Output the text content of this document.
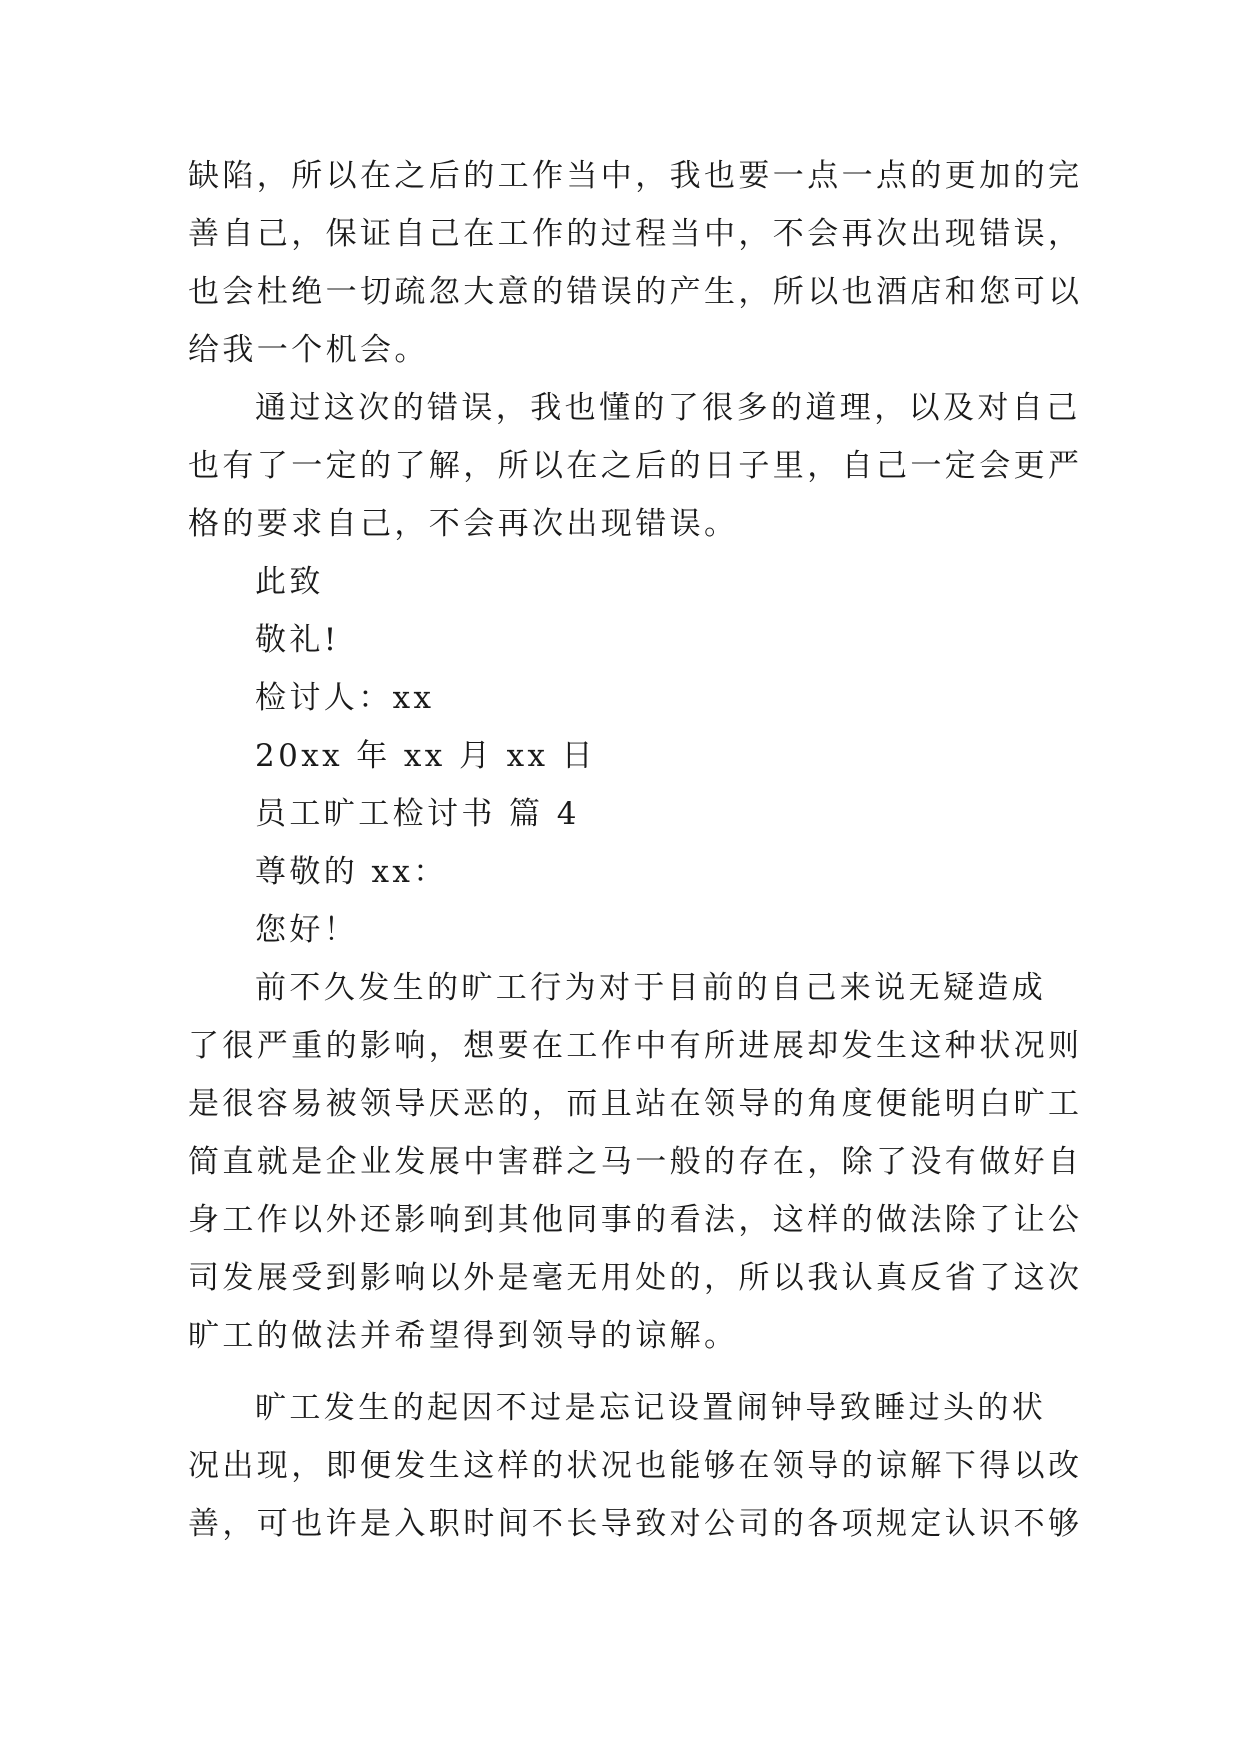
缺陷，所以在之后的工作当中，我也要一点一点的更加的完
善自己，保证自己在工作的过程当中，不会再次出现错误，
也会杜绝一切疏忽大意的错误的产生，所以也酒店和您可以
给我一个机会。
通过这次的错误，我也懂的了很多的道理，以及对自己
也有了一定的了解，所以在之后的日子里，自己一定会更严
格的要求自己，不会再次出现错误。
此致
敬礼!
检讨人：xx
20xx 年 xx 月 xx 日
员工旷工检讨书 篇 4
尊敬的 xx：
您好！
前不久发生的旷工行为对于目前的自己来说无疑造成
了很严重的影响，想要在工作中有所进展却发生这种状况则
是很容易被领导厌恶的，而且站在领导的角度便能明白旷工
简直就是企业发展中害群之马一般的存在，除了没有做好自
身工作以外还影响到其他同事的看法，这样的做法除了让公
司发展受到影响以外是毫无用处的，所以我认真反省了这次
旷工的做法并希望得到领导的谅解。
旷工发生的起因不过是忘记设置闹钟导致睡过头的状
况出现，即便发生这样的状况也能够在领导的谅解下得以改
善，可也许是入职时间不长导致对公司的各项规定认识不够
